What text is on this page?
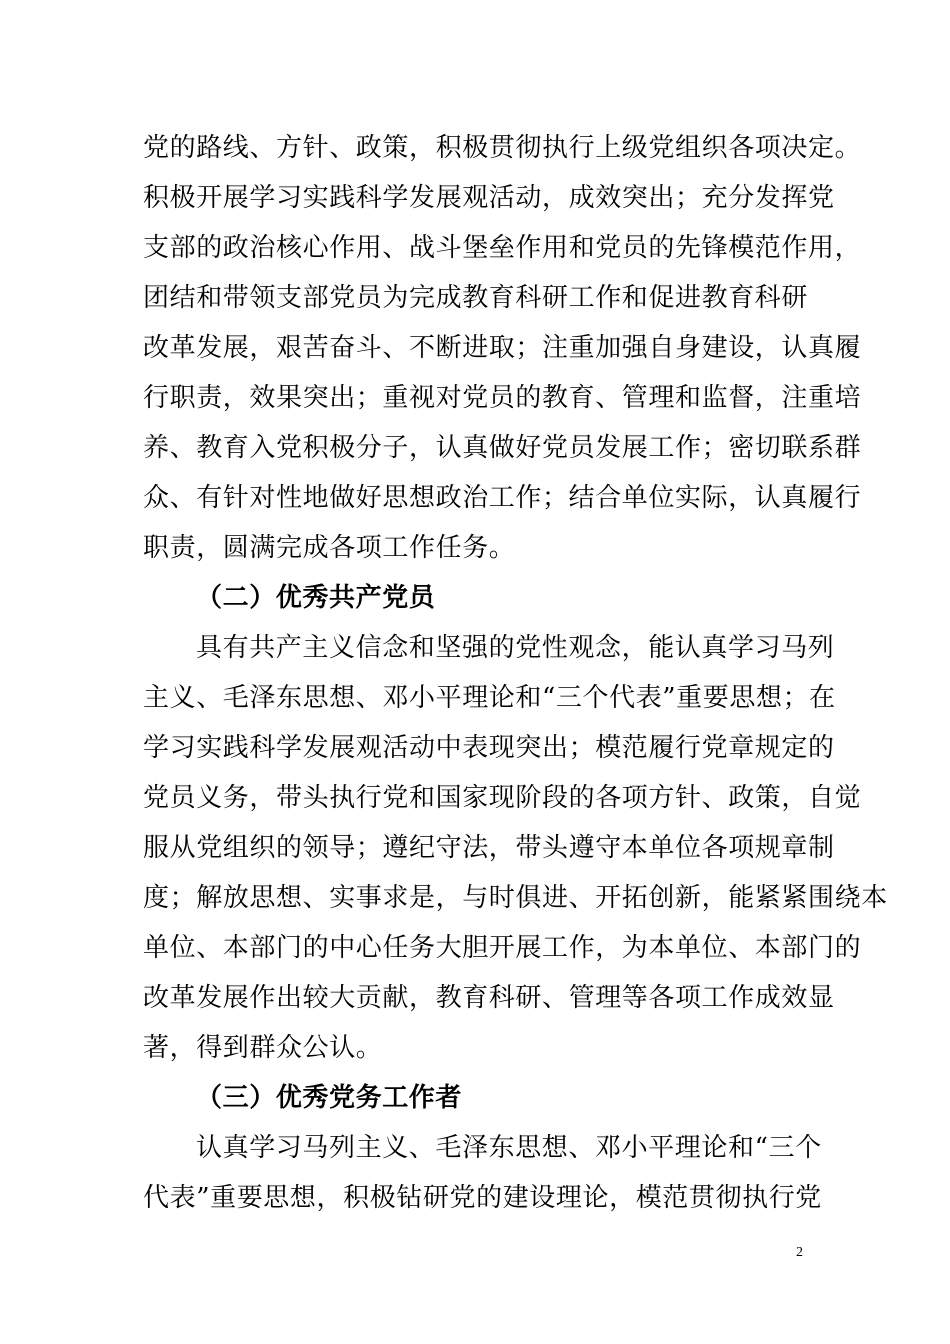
党的路线、方针、政策，积极贯彻执行上级党组织各项决定。
积极开展学习实践科学发展观活动，成效突出；充分发挥党
支部的政治核心作用、战斗堡垒作用和党员的先锋模范作用，
团结和带领支部党员为完成教育科研工作和促进教育科研
改革发展，艰苦奋斗、不断进取；注重加强自身建设，认真履
行职责，效果突出；重视对党员的教育、管理和监督，注重培
养、教育入党积极分子，认真做好党员发展工作；密切联系群
众、有针对性地做好思想政治工作；结合单位实际，认真履行
职责，圆满完成各项工作任务。
（二）优秀共产党员
具有共产主义信念和坚强的党性观念，能认真学习马列
主义、毛泽东思想、邓小平理论和“三个代表”重要思想；在
学习实践科学发展观活动中表现突出；模范履行党章规定的
党员义务，带头执行党和国家现阶段的各项方针、政策，自觉
服从党组织的领导；遵纪守法，带头遵守本单位各项规章制
度；解放思想、实事求是，与时俱进、开拓创新，能紧紧围绕本
单位、本部门的中心任务大胆开展工作，为本单位、本部门的
改革发展作出较大贡献，教育科研、管理等各项工作成效显
著，得到群众公认。
（三）优秀党务工作者
认真学习马列主义、毛泽东思想、邓小平理论和“三个
代表”重要思想，积极钻研党的建设理论，模范贯彻执行党
2
